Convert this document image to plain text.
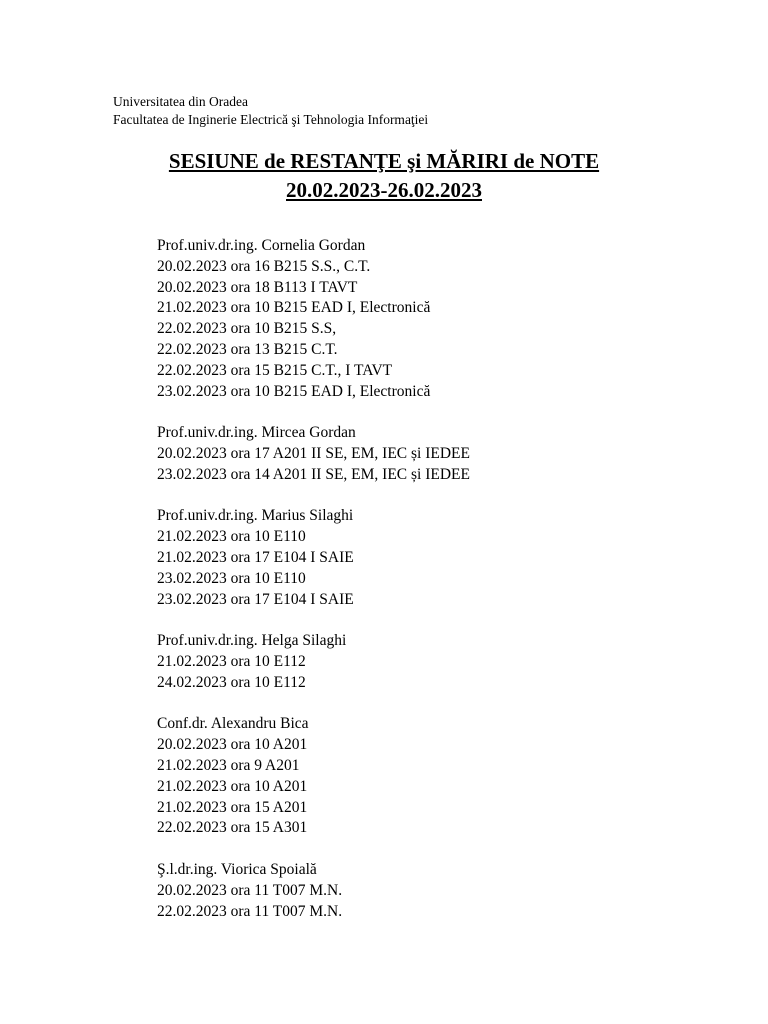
Universitatea din Oradea
Facultatea de Inginerie Electrică şi Tehnologia Informaţiei
SESIUNE de RESTANŢE şi MĂRIRI de NOTE
20.02.2023-26.02.2023
Prof.univ.dr.ing. Cornelia Gordan
20.02.2023 ora 16 B215 S.S., C.T.
20.02.2023 ora 18 B113 I TAVT
21.02.2023 ora 10 B215 EAD I, Electronică
22.02.2023 ora 10 B215 S.S,
22.02.2023 ora 13 B215 C.T.
22.02.2023 ora 15 B215 C.T., I TAVT
23.02.2023 ora 10 B215 EAD I, Electronică
Prof.univ.dr.ing. Mircea Gordan
20.02.2023 ora 17 A201 II SE, EM, IEC și IEDEE
23.02.2023 ora 14 A201 II SE, EM, IEC și IEDEE
Prof.univ.dr.ing. Marius Silaghi
21.02.2023 ora 10 E110
21.02.2023 ora 17 E104 I SAIE
23.02.2023 ora 10 E110
23.02.2023 ora 17 E104 I SAIE
Prof.univ.dr.ing. Helga Silaghi
21.02.2023 ora 10 E112
24.02.2023 ora 10 E112
Conf.dr. Alexandru Bica
20.02.2023 ora 10 A201
21.02.2023 ora 9 A201
21.02.2023 ora 10 A201
21.02.2023 ora 15 A201
22.02.2023 ora 15 A301
Ş.l.dr.ing. Viorica Spoială
20.02.2023 ora 11 T007 M.N.
22.02.2023 ora 11 T007 M.N.
